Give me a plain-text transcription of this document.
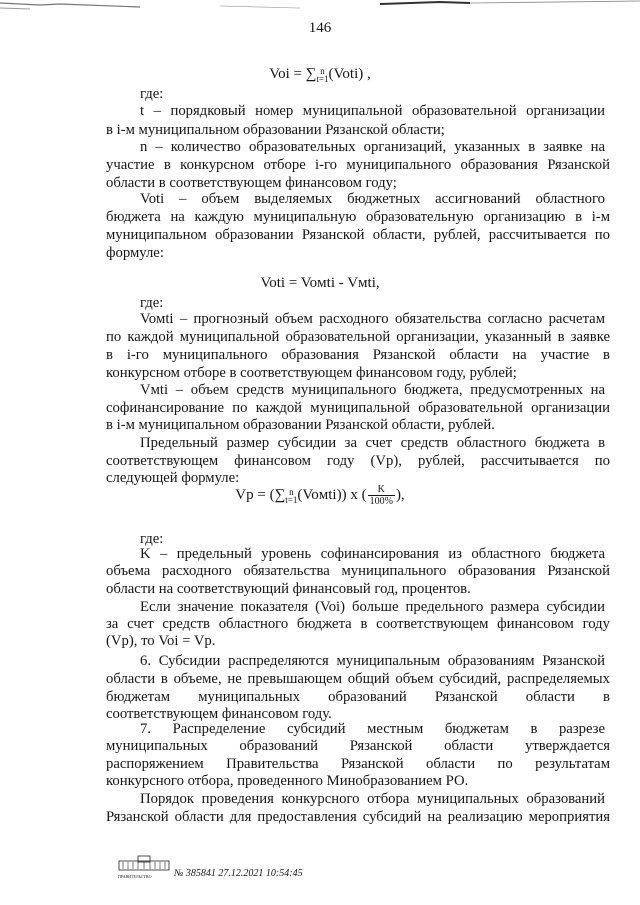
146
Voi = ∑ n
t=1 (Voti) ,
где:
t – порядковый номер муниципальной образовательной организации
в i-м муниципальном образовании Рязанской области;
n – количество образовательных организаций, указанных в заявке на
участие в конкурсном отборе i-го муниципального образования Рязанской
области в соответствующем финансовом году;
Voti – объем выделяемых бюджетных ассигнований областного
бюджета на каждую муниципальную образовательную организацию в i-м
муниципальном образовании Рязанской области, рублей, рассчитывается по
формуле:
Voti = Voмti - Vмti,
где:
Voмti – прогнозный объем расходного обязательства согласно расчетам
по каждой муниципальной образовательной организации, указанный в заявке
в i-го муниципального образования Рязанской области на участие в
конкурсном отборе в соответствующем финансовом году, рублей;
Vмti – объем средств муниципального бюджета, предусмотренных на
софинансирование по каждой муниципальной образовательной организации
в i-м муниципальном образовании Рязанской области, рублей.
Предельный размер субсидии за счет средств областного бюджета в
соответствующем финансовом году (Vp), рублей, рассчитывается по
следующей формуле:
Vp = (∑ n
t=1 (Voмti)) x ( $\frac{K}{100\%}$ ),
где:
K – предельный уровень софинансирования из областного бюджета
объема расходного обязательства муниципального образования Рязанской
области на соответствующий финансовый год, процентов.
Если значение показателя (Voi) больше предельного размера субсидии
за счет средств областного бюджета в соответствующем финансовом году
(Vp), то Voi = Vp.
6. Субсидии распределяются муниципальным образованиям Рязанской
области в объеме, не превышающем общий объем субсидий, распределяемых
бюджетам муниципальных образований Рязанской области в
соответствующем финансовом году.
7. Распределение субсидий местным бюджетам в разрезе
муниципальных образований Рязанской области утверждается
распоряжением Правительства Рязанской области по результатам
конкурсного отбора, проведенного Минобразованием РО.
Порядок проведения конкурсного отбора муниципальных образований
Рязанской области для предоставления субсидий на реализацию мероприятия
ПРАВИТЕЛЬСТВО № 385841 27.12.2021 10:54:45
